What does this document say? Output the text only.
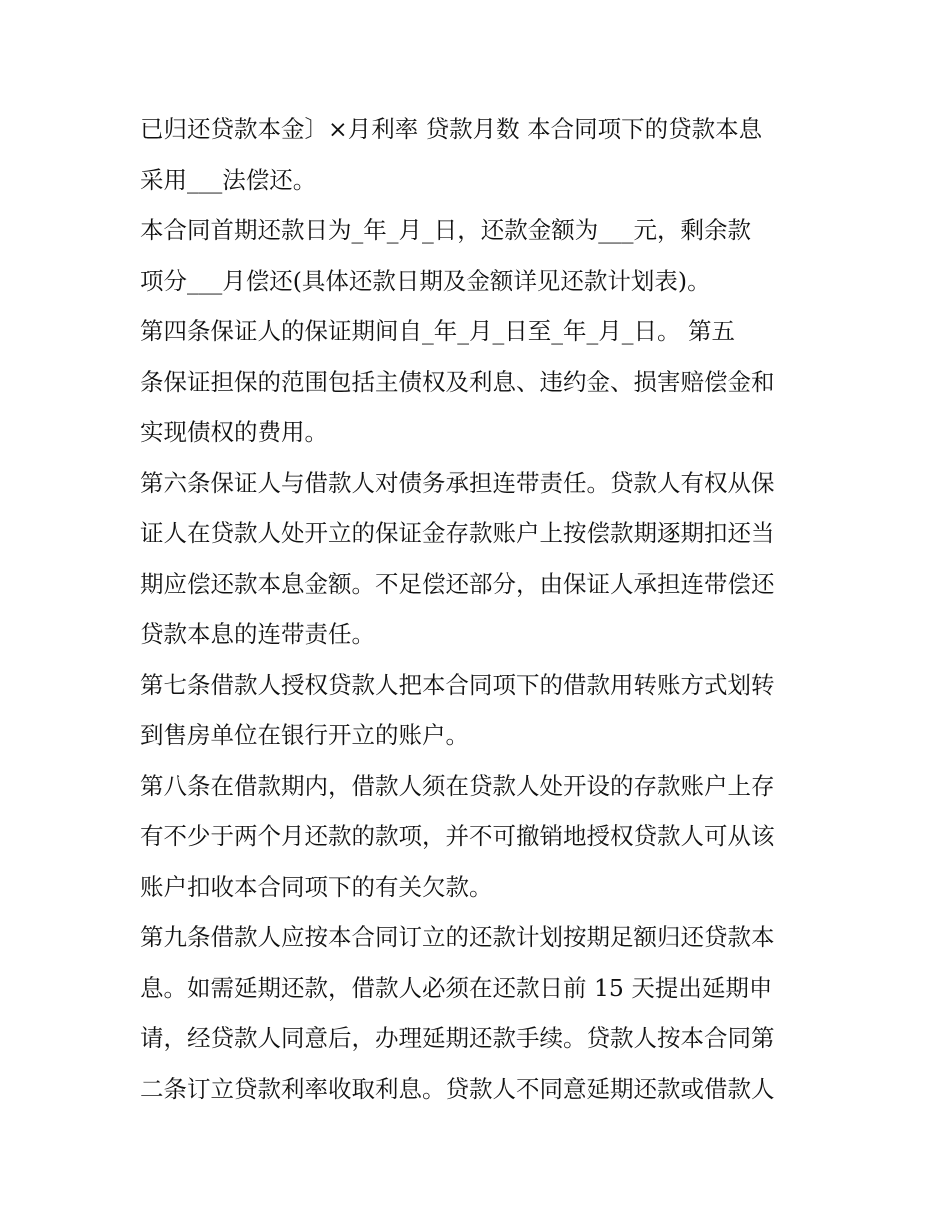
已归还贷款本金〕×月利率 贷款月数 本合同项下的贷款本息
采用___法偿还。
本合同首期还款日为_年_月_日，还款金额为___元，剩余款
项分___月偿还(具体还款日期及金额详见还款计划表)。
第四条保证人的保证期间自_年_月_日至_年_月_日。 第五
条保证担保的范围包括主债权及利息、违约金、损害赔偿金和
实现债权的费用。
第六条保证人与借款人对债务承担连带责任。贷款人有权从保
证人在贷款人处开立的保证金存款账户上按偿款期逐期扣还当
期应偿还款本息金额。不足偿还部分，由保证人承担连带偿还
贷款本息的连带责任。
第七条借款人授权贷款人把本合同项下的借款用转账方式划转
到售房单位在银行开立的账户。
第八条在借款期内，借款人须在贷款人处开设的存款账户上存
有不少于两个月还款的款项，并不可撤销地授权贷款人可从该
账户扣收本合同项下的有关欠款。
第九条借款人应按本合同订立的还款计划按期足额归还贷款本
息。如需延期还款，借款人必须在还款日前 15 天提出延期申
请，经贷款人同意后，办理延期还款手续。贷款人按本合同第
二条订立贷款利率收取利息。贷款人不同意延期还款或借款人
